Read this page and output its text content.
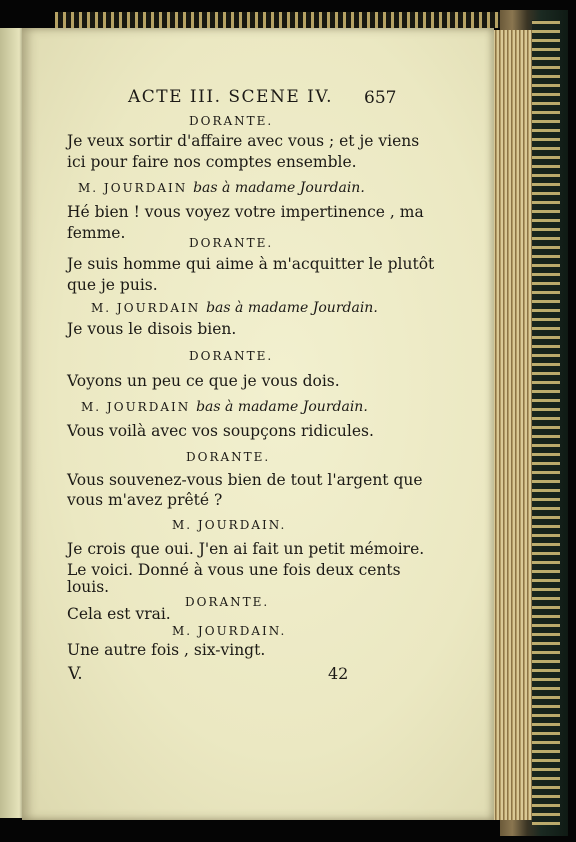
ACTE III. SCENE IV. 657
DORANTE.
Je veux sortir d'affaire avec vous ; et je viens
ici pour faire nos comptes ensemble.
M. JOURDAIN bas à madame Jourdain.
Hé bien ! vous voyez votre impertinence , ma
femme.
DORANTE.
Je suis homme qui aime à m'acquitter le plutôt
que je puis.
M. JOURDAIN bas à madame Jourdain.
Je vous le disois bien.
DORANTE.
Voyons un peu ce que je vous dois.
M. JOURDAIN bas à madame Jourdain.
Vous voilà avec vos soupçons ridicules.
DORANTE.
Vous souvenez-vous bien de tout l'argent que
vous m'avez prêté ?
M. JOURDAIN.
Je crois que oui. J'en ai fait un petit mémoire.
Le voici. Donné à vous une fois deux cents
louis.
DORANTE.
Cela est vrai.
M. JOURDAIN.
Une autre fois , six-vingt.
V.	42
